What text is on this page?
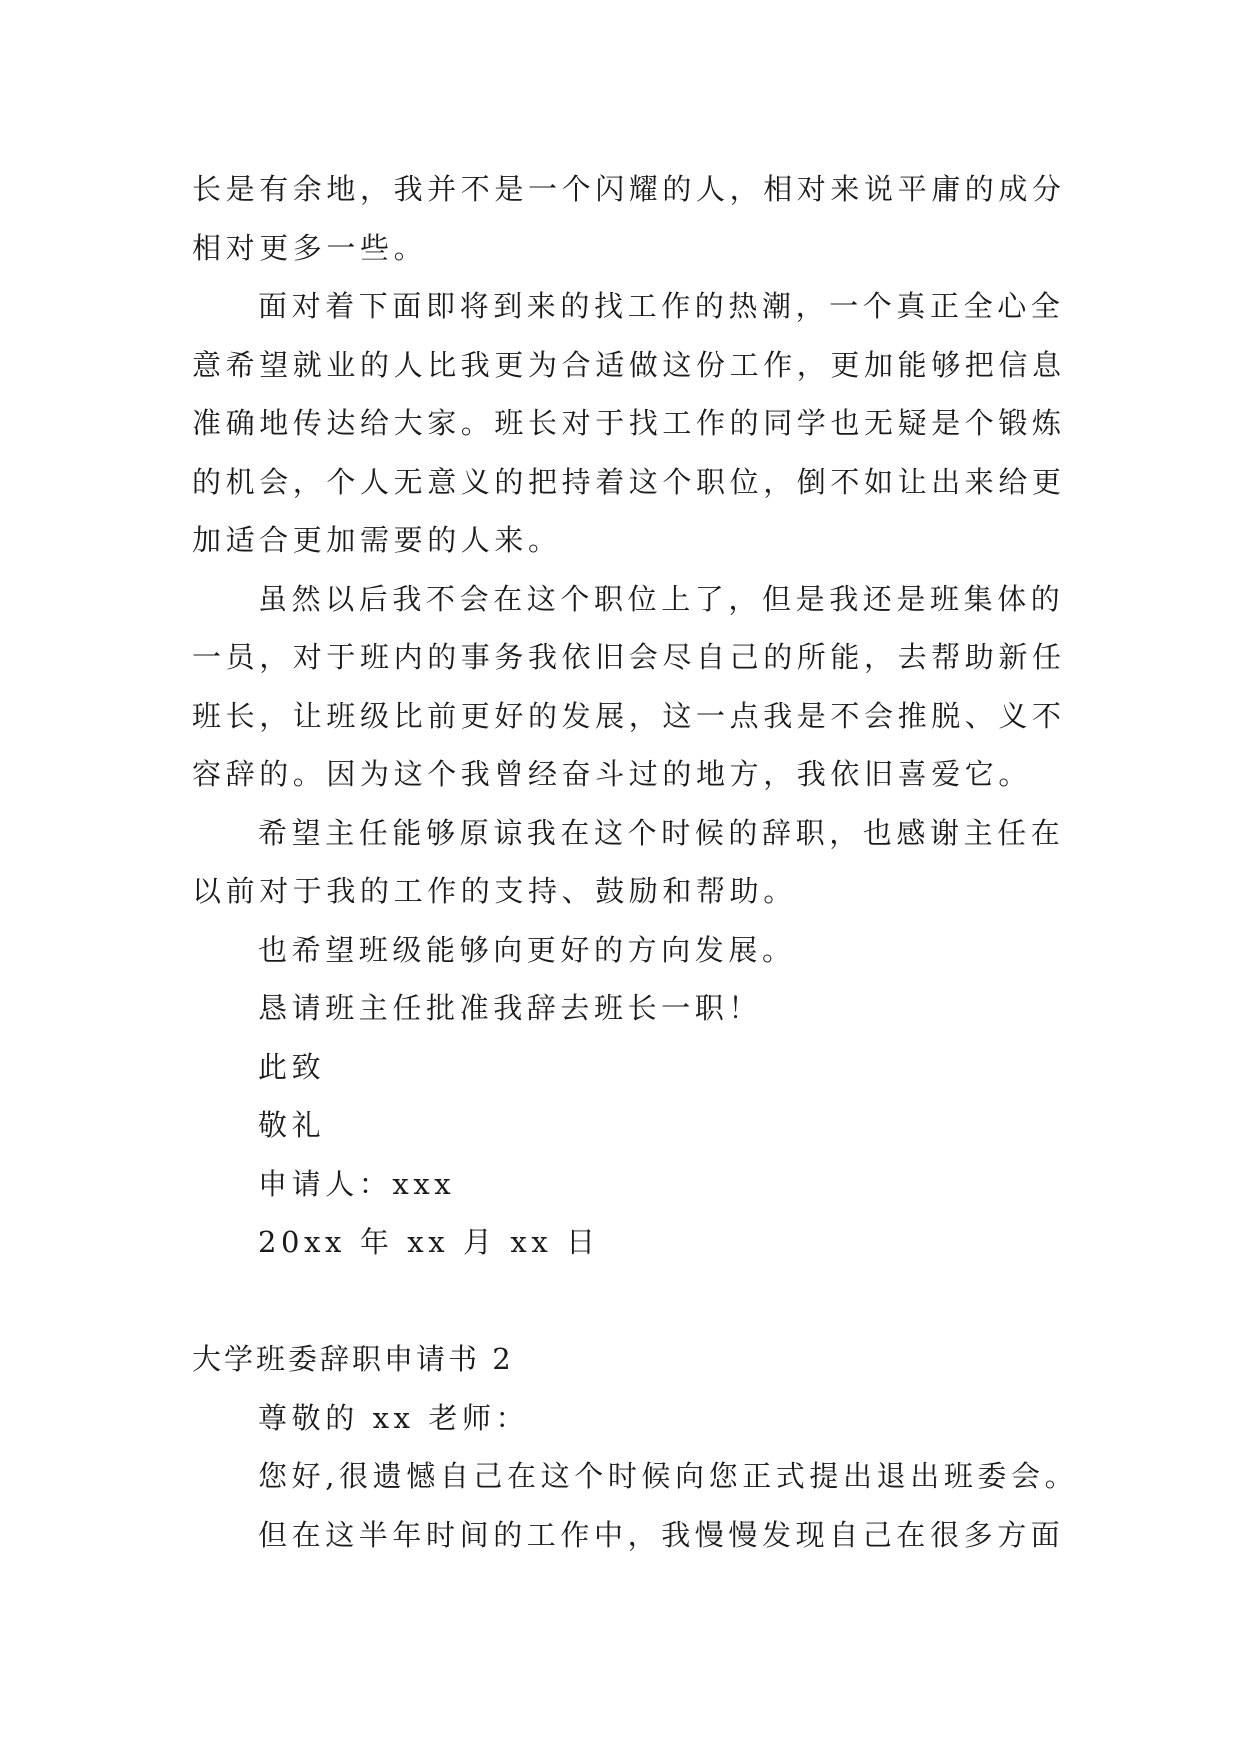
长是有余地，我并不是一个闪耀的人，相对来说平庸的成分
相对更多一些。
面对着下面即将到来的找工作的热潮，一个真正全心全
意希望就业的人比我更为合适做这份工作，更加能够把信息
准确地传达给大家。班长对于找工作的同学也无疑是个锻炼
的机会，个人无意义的把持着这个职位，倒不如让出来给更
加适合更加需要的人来。
虽然以后我不会在这个职位上了，但是我还是班集体的
一员，对于班内的事务我依旧会尽自己的所能，去帮助新任
班长，让班级比前更好的发展，这一点我是不会推脱、义不
容辞的。因为这个我曾经奋斗过的地方，我依旧喜爱它。
希望主任能够原谅我在这个时候的辞职，也感谢主任在
以前对于我的工作的支持、鼓励和帮助。
也希望班级能够向更好的方向发展。
恳请班主任批准我辞去班长一职！
此致
敬礼
申请人：xxx
20xx 年 xx 月 xx 日
大学班委辞职申请书 2
尊敬的 xx 老师：
您好,很遗憾自己在这个时候向您正式提出退出班委会。
但在这半年时间的工作中，我慢慢发现自己在很多方面
